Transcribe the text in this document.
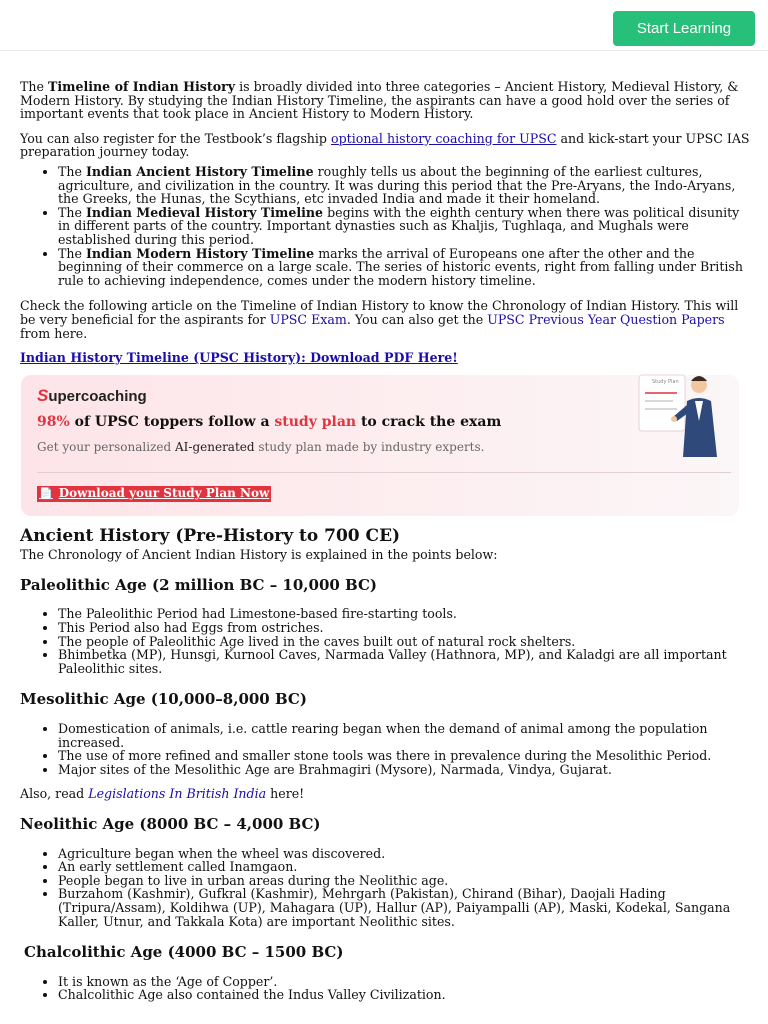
Start Learning

The Timeline of Indian History is broadly divided into three categories – Ancient History, Medieval History, & Modern History. By studying the Indian History Timeline, the aspirants can have a good hold over the series of important events that took place in Ancient History to Modern History.

You can also register for the Testbook’s flagship optional history coaching for UPSC and kick-start your UPSC IAS preparation journey today.

• The Indian Ancient History Timeline roughly tells us about the beginning of the earliest cultures, agriculture, and civilization in the country. It was during this period that the Pre-Aryans, the Indo-Aryans, the Greeks, the Hunas, the Scythians, etc invaded India and made it their homeland.
• The Indian Medieval History Timeline begins with the eighth century when there was political disunity in different parts of the country. Important dynasties such as Khaljis, Tughlaqa, and Mughals were established during this period.
• The Indian Modern History Timeline marks the arrival of Europeans one after the other and the beginning of their commerce on a large scale. The series of historic events, right from falling under British rule to achieving independence, comes under the modern history timeline.

Check the following article on the Timeline of Indian History to know the Chronology of Indian History. This will be very beneficial for the aspirants for UPSC Exam. You can also get the UPSC Previous Year Question Papers from here.

Indian History Timeline (UPSC History): Download PDF Here!
Supercoaching
98% of UPSC toppers follow a study plan to crack the exam
Get your personalized AI-generated study plan made by industry experts.
📄 Download your Study Plan Now
Study Plan
Ancient History (Pre-History to 700 CE)

The Chronology of Ancient Indian History is explained in the points below:

Paleolithic Age (2 million BC – 10,000 BC)
• The Paleolithic Period had Limestone-based fire-starting tools.
• This Period also had Eggs from ostriches.
• The people of Paleolithic Age lived in the caves built out of natural rock shelters.
• Bhimbetka (MP), Hunsgi, Kurnool Caves, Narmada Valley (Hathnora, MP), and Kaladgi are all important Paleolithic sites.
Mesolithic Age (10,000–8,000 BC)
• Domestication of animals, i.e. cattle rearing began when the demand of animal among the population increased.
• The use of more refined and smaller stone tools was there in prevalence during the Mesolithic Period.
• Major sites of the Mesolithic Age are Brahmagiri (Mysore), Narmada, Vindya, Gujarat.

Also, read Legislations In British India here!

Neolithic Age (8000 BC – 4,000 BC)
• Agriculture began when the wheel was discovered.
• An early settlement called Inamgaon.
• People began to live in urban areas during the Neolithic age.
• Burzahom (Kashmir), Gufkral (Kashmir), Mehrgarh (Pakistan), Chirand (Bihar), Daojali Hading (Tripura/Assam), Koldihwa (UP), Mahagara (UP), Hallur (AP), Paiyampalli (AP), Maski, Kodekal, Sangana Kaller, Utnur, and Takkala Kota) are important Neolithic sites.
Chalcolithic Age (4000 BC – 1500 BC)
• It is known as the ‘Age of Copper’.
• Chalcolithic Age also contained the Indus Valley Civilization.
